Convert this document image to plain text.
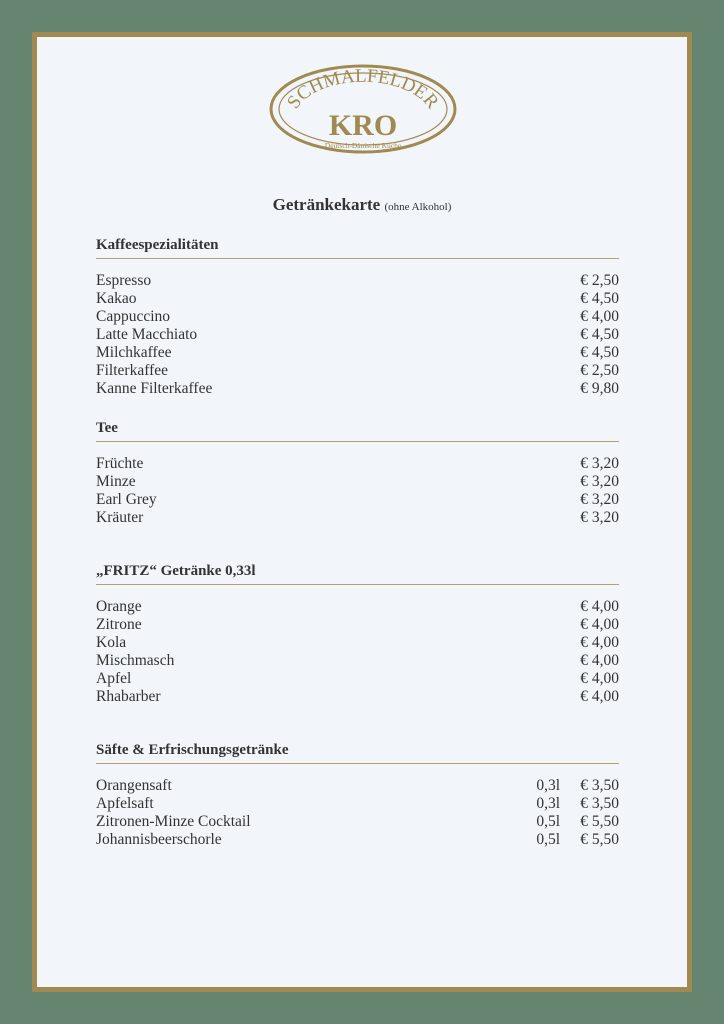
SCHMALFELDER
KRO
Deutsch-Dänische Küche
Getränkekarte (ohne Alkohol)
Kaffeespezialitäten
Espresso	€ 2,50
Kakao	€ 4,50
Cappuccino	€ 4,00
Latte Macchiato	€ 4,50
Milchkaffee	€ 4,50
Filterkaffee	€ 2,50
Kanne Filterkaffee	€ 9,80
Tee
Früchte	€ 3,20
Minze	€ 3,20
Earl Grey	€ 3,20
Kräuter	€ 3,20
„FRITZ“ Getränke 0,33l
Orange	€ 4,00
Zitrone	€ 4,00
Kola	€ 4,00
Mischmasch	€ 4,00
Apfel	€ 4,00
Rhabarber	€ 4,00
Säfte & Erfrischungsgetränke
Orangensaft	0,3l € 3,50
Apfelsaft	0,3l € 3,50
Zitronen-Minze Cocktail	0,5l € 5,50
Johannisbeerschorle	0,5l € 5,50
